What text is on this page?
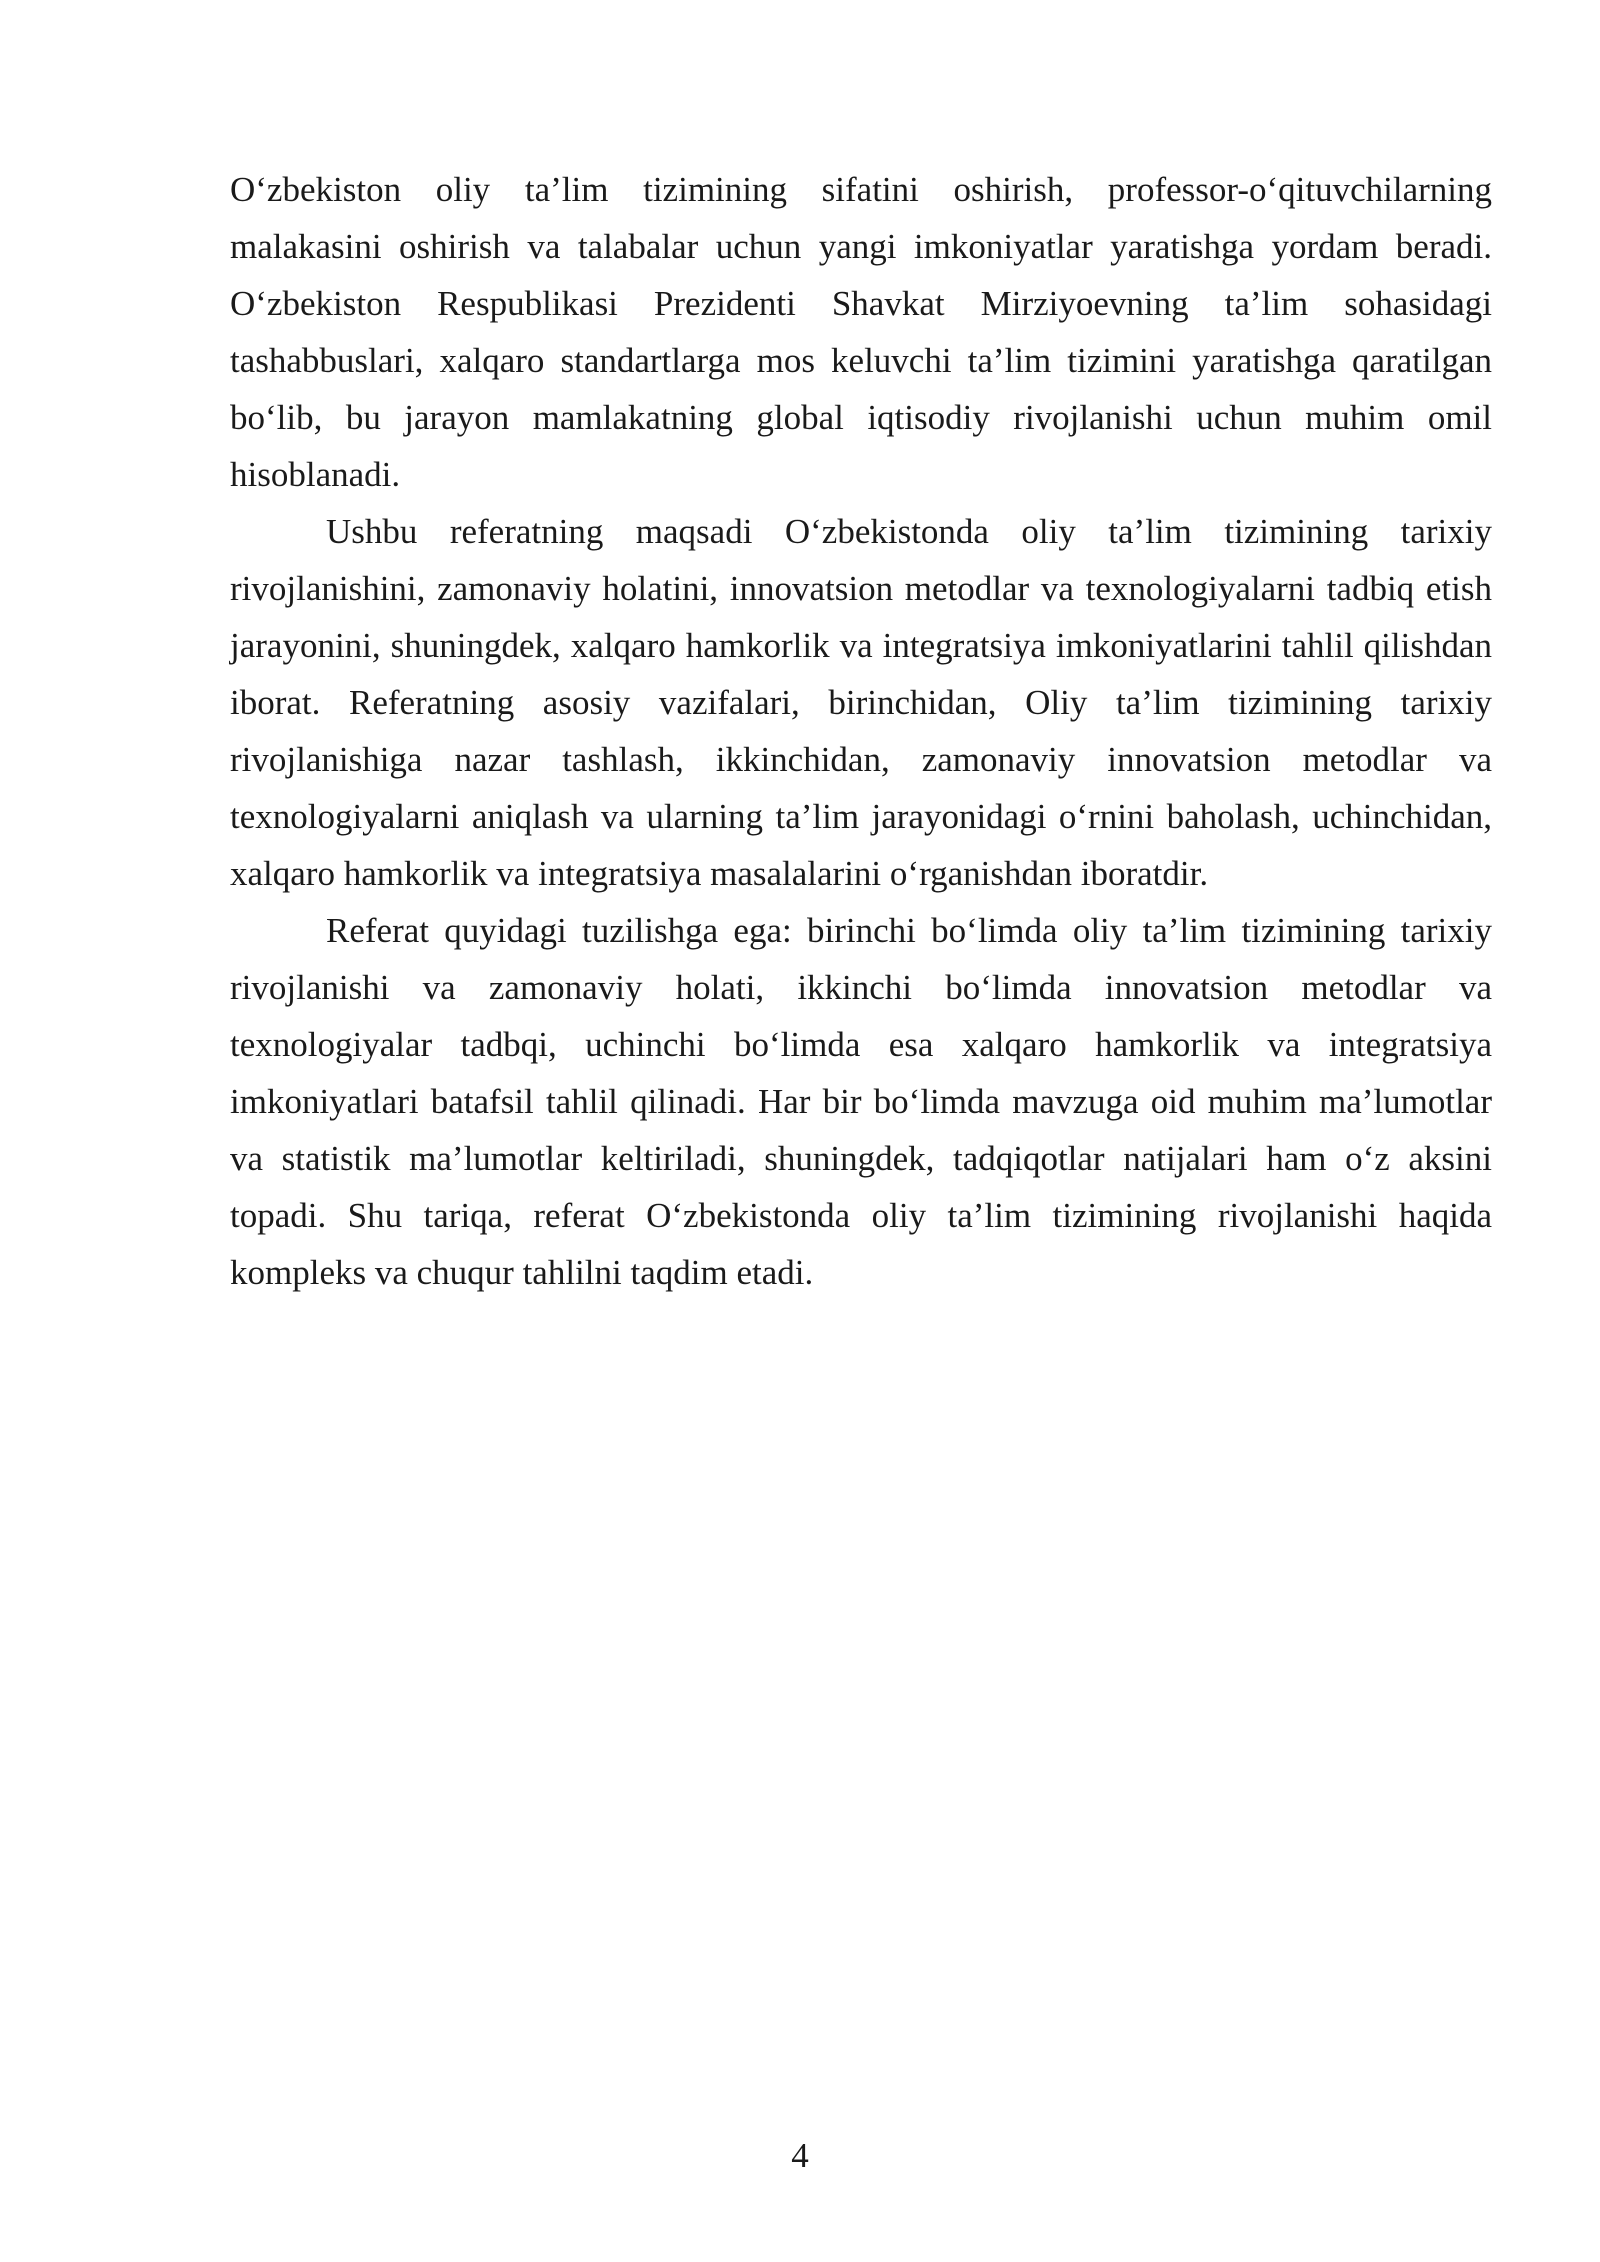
O‘zbekiston oliy ta’lim tizimining sifatini oshirish, professor-o‘qituvchilarning malakasini oshirish va talabalar uchun yangi imkoniyatlar yaratishga yordam beradi. O‘zbekiston Respublikasi Prezidenti Shavkat Mirziyoevning ta’lim sohasidagi tashabbuslari, xalqaro standartlarga mos keluvchi ta’lim tizimini yaratishga qaratilgan bo‘lib, bu jarayon mamlakatning global iqtisodiy rivojlanishi uchun muhim omil hisoblanadi.

Ushbu referatning maqsadi O‘zbekistonda oliy ta’lim tizimining tarixiy rivojlanishini, zamonaviy holatini, innovatsion metodlar va texnologiyalarni tadbiq etish jarayonini, shuningdek, xalqaro hamkorlik va integratsiya imkoniyatlarini tahlil qilishdan iborat. Referatning asosiy vazifalari, birinchidan, Oliy ta’lim tizimining tarixiy rivojlanishiga nazar tashlash, ikkinchidan, zamonaviy innovatsion metodlar va texnologiyalarni aniqlash va ularning ta’lim jarayonidagi o‘rnini baholash, uchinchidan, xalqaro hamkorlik va integratsiya masalalarini o‘rganishdan iboratdir.

Referat quyidagi tuzilishga ega: birinchi bo‘limda oliy ta’lim tizimining tarixiy rivojlanishi va zamonaviy holati, ikkinchi bo‘limda innovatsion metodlar va texnologiyalar tadbqi, uchinchi bo‘limda esa xalqaro hamkorlik va integratsiya imkoniyatlari batafsil tahlil qilinadi. Har bir bo‘limda mavzuga oid muhim ma’lumotlar va statistik ma’lumotlar keltiriladi, shuningdek, tadqiqotlar natijalari ham o‘z aksini topadi. Shu tariqa, referat O‘zbekistonda oliy ta’lim tizimining rivojlanishi haqida kompleks va chuqur tahlilni taqdim etadi.

4
